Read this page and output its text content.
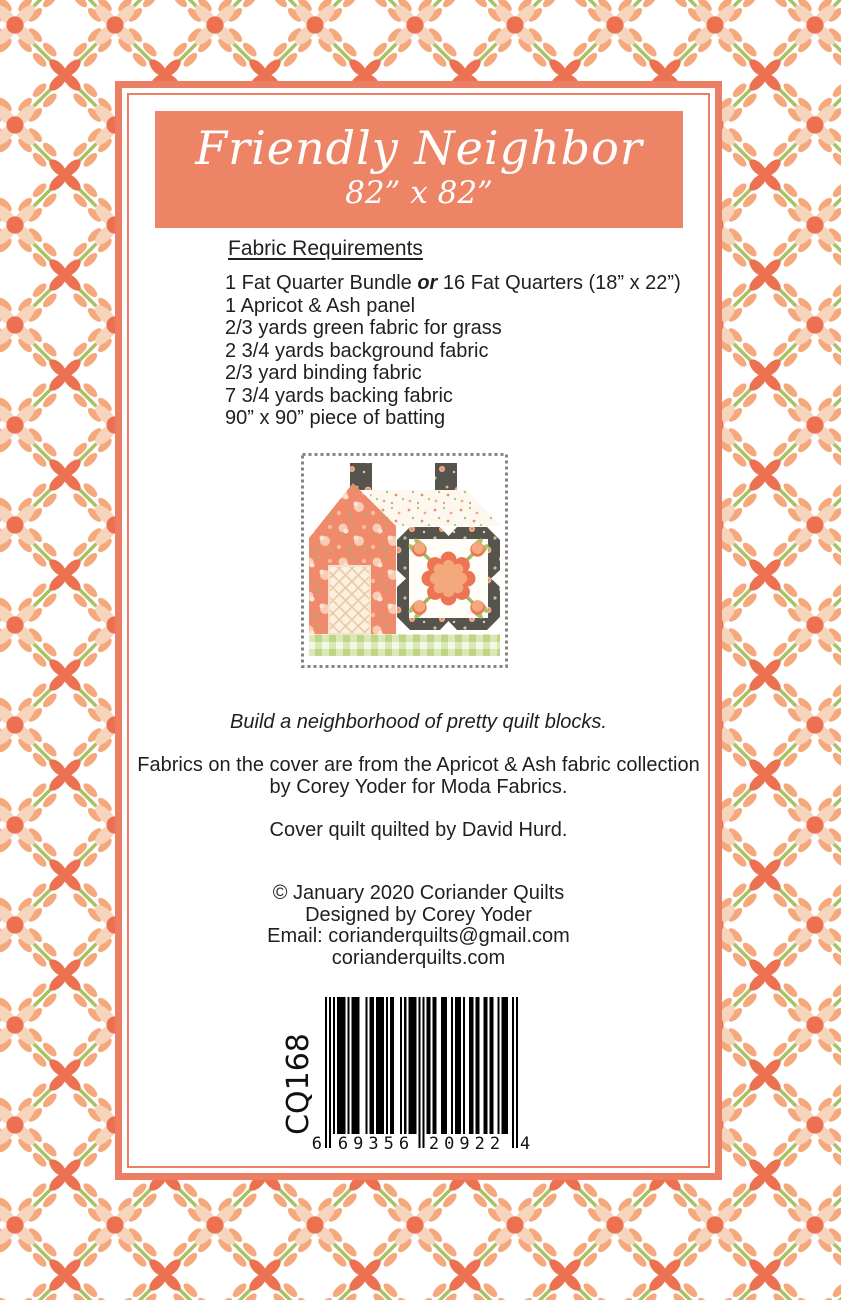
Friendly Neighbor
82” x 82”
Fabric Requirements
1 Fat Quarter Bundle or 16 Fat Quarters (18” x 22”)
1 Apricot & Ash panel
2/3 yards green fabric for grass
2 3/4 yards background fabric
2/3 yard binding fabric
7 3/4 yards backing fabric
90” x 90” piece of batting
Build a neighborhood of pretty quilt blocks.
Fabrics on the cover are from the Apricot & Ash fabric collection
by Corey Yoder for Moda Fabrics.
Cover quilt quilted by David Hurd.
© January 2020 Coriander Quilts
Designed by Corey Yoder
Email: corianderquilts@gmail.com
corianderquilts.com
CQ168
6 69356 20922 4
